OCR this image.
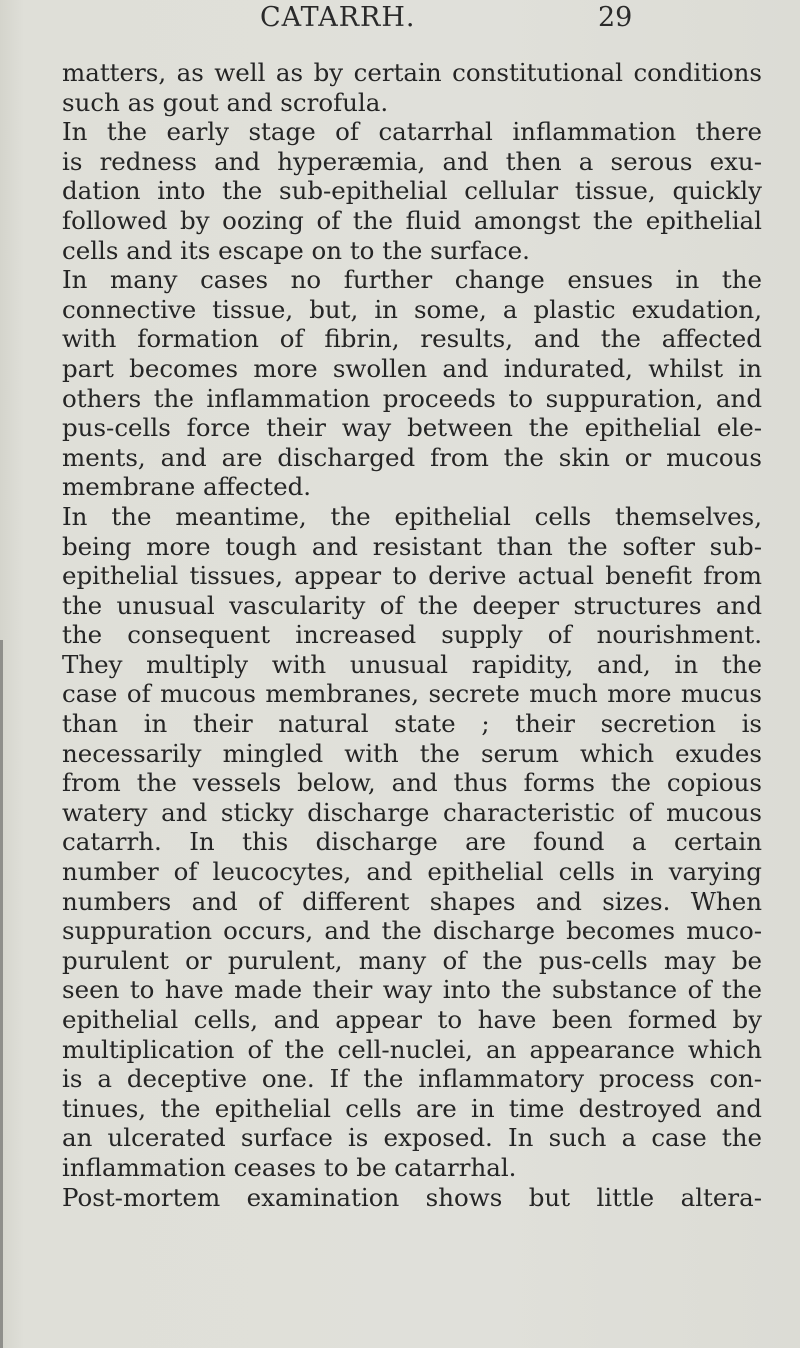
CATARRH.	29
matters, as well as by certain constitutional conditions
such as gout and scrofula.
In the early stage of catarrhal inflammation there
is redness and hyperæmia, and then a serous exu-
dation into the sub-epithelial cellular tissue, quickly
followed by oozing of the fluid amongst the epithelial
cells and its escape on to the surface.
In many cases no further change ensues in the
connective tissue, but, in some, a plastic exudation,
with formation of fibrin, results, and the affected
part becomes more swollen and indurated, whilst in
others the inflammation proceeds to suppuration, and
pus-cells force their way between the epithelial ele-
ments, and are discharged from the skin or mucous
membrane affected.
In the meantime, the epithelial cells themselves,
being more tough and resistant than the softer sub-
epithelial tissues, appear to derive actual benefit from
the unusual vascularity of the deeper structures and
the consequent increased supply of nourishment.
They multiply with unusual rapidity, and, in the
case of mucous membranes, secrete much more mucus
than in their natural state ; their secretion is
necessarily mingled with the serum which exudes
from the vessels below, and thus forms the copious
watery and sticky discharge characteristic of mucous
catarrh. In this discharge are found a certain
number of leucocytes, and epithelial cells in varying
numbers and of different shapes and sizes. When
suppuration occurs, and the discharge becomes muco-
purulent or purulent, many of the pus-cells may be
seen to have made their way into the substance of the
epithelial cells, and appear to have been formed by
multiplication of the cell-nuclei, an appearance which
is a deceptive one. If the inflammatory process con-
tinues, the epithelial cells are in time destroyed and
an ulcerated surface is exposed. In such a case the
inflammation ceases to be catarrhal.
Post-mortem examination shows but little altera-
